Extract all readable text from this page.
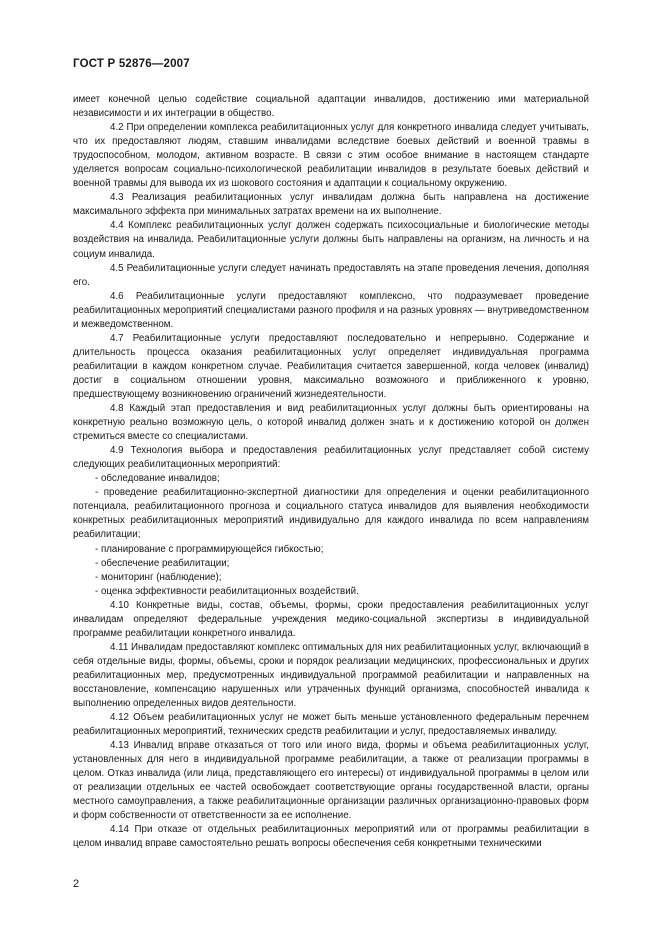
ГОСТ Р 52876—2007

имеет конечной целью содействие социальной адаптации инвалидов, достижению ими материальной независимости и их интеграции в общество.

4.2 При определении комплекса реабилитационных услуг для конкретного инвалида следует учитывать, что их предоставляют людям, ставшим инвалидами вследствие боевых действий и военной травмы в трудоспособном, молодом, активном возрасте. В связи с этим особое внимание в настоящем стандарте уделяется вопросам социально-психологической реабилитации инвалидов в результате боевых действий и военной травмы для вывода их из шокового состояния и адаптации к социальному окружению.

4.3 Реализация реабилитационных услуг инвалидам должна быть направлена на достижение максимального эффекта при минимальных затратах времени на их выполнение.

4.4 Комплекс реабилитационных услуг должен содержать психосоциальные и биологические методы воздействия на инвалида. Реабилитационные услуги должны быть направлены на организм, на личность и на социум инвалида.

4.5 Реабилитационные услуги следует начинать предоставлять на этапе проведения лечения, дополняя его.

4.6 Реабилитационные услуги предоставляют комплексно, что подразумевает проведение реабилитационных мероприятий специалистами разного профиля и на разных уровнях — внутриведомственном и межведомственном.

4.7 Реабилитационные услуги предоставляют последовательно и непрерывно. Содержание и длительность процесса оказания реабилитационных услуг определяет индивидуальная программа реабилитации в каждом конкретном случае. Реабилитация считается завершенной, когда человек (инвалид) достиг в социальном отношении уровня, максимально возможного и приближенного к уровню, предшествующему возникновению ограничений жизнедеятельности.

4.8 Каждый этап предоставления и вид реабилитационных услуг должны быть ориентированы на конкретную реально возможную цель, о которой инвалид должен знать и к достижению которой он должен стремиться вместе со специалистами.

4.9 Технология выбора и предоставления реабилитационных услуг представляет собой систему следующих реабилитационных мероприятий:

- обследование инвалидов;

- проведение реабилитационно-экспертной диагностики для определения и оценки реабилитационного потенциала, реабилитационного прогноза и социального статуса инвалидов для выявления необходимости конкретных реабилитационных мероприятий индивидуально для каждого инвалида по всем направлениям реабилитации;

- планирование с программирующейся гибкостью;

- обеспечение реабилитации;

- мониторинг (наблюдение);

- оценка эффективности реабилитационных воздействий.

4.10 Конкретные виды, состав, объемы, формы, сроки предоставления реабилитационных услуг инвалидам определяют федеральные учреждения медико-социальной экспертизы в индивидуальной программе реабилитации конкретного инвалида.

4.11 Инвалидам предоставляют комплекс оптимальных для них реабилитационных услуг, включающий в себя отдельные виды, формы, объемы, сроки и порядок реализации медицинских, профессиональных и других реабилитационных мер, предусмотренных индивидуальной программой реабилитации и направленных на восстановление, компенсацию нарушенных или утраченных функций организма, способностей инвалида к выполнению определенных видов деятельности.

4.12 Объем реабилитационных услуг не может быть меньше установленного федеральным перечнем реабилитационных мероприятий, технических средств реабилитации и услуг, предоставляемых инвалиду.

4.13 Инвалид вправе отказаться от того или иного вида, формы и объема реабилитационных услуг, установленных для него в индивидуальной программе реабилитации, а также от реализации программы в целом. Отказ инвалида (или лица, представляющего его интересы) от индивидуальной программы в целом или от реализации отдельных ее частей освобождает соответствующие органы государственной власти, органы местного самоуправления, а также реабилитационные организации различных организационно-правовых форм и форм собственности от ответственности за ее исполнение.

4.14 При отказе от отдельных реабилитационных мероприятий или от программы реабилитации в целом инвалид вправе самостоятельно решать вопросы обеспечения себя конкретными техническими

2
